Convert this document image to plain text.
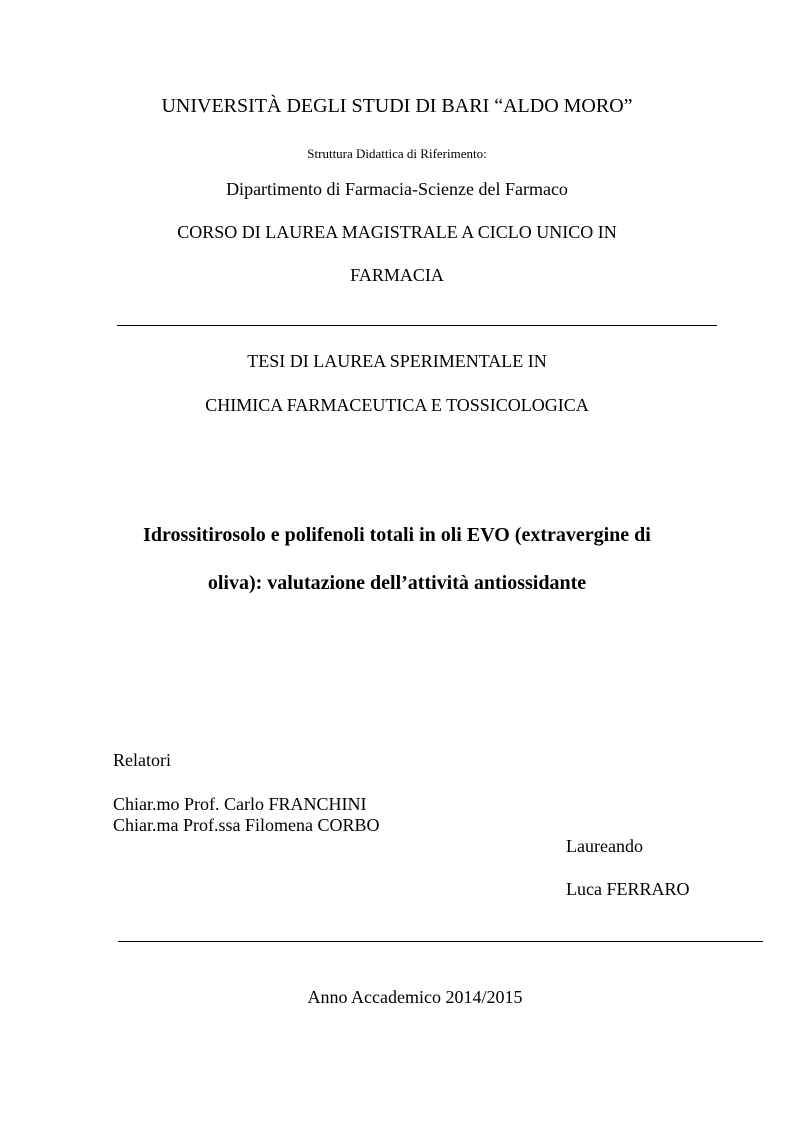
UNIVERSITÀ DEGLI STUDI DI BARI “ALDO MORO”
Struttura Didattica di Riferimento:
Dipartimento di Farmacia-Scienze del Farmaco
CORSO DI LAUREA MAGISTRALE A CICLO UNICO IN
FARMACIA
TESI DI LAUREA SPERIMENTALE IN
CHIMICA FARMACEUTICA E TOSSICOLOGICA
Idrossitirosolo e polifenoli totali in oli EVO (extravergine di
oliva): valutazione dell’attività antiossidante
Relatori
Chiar.mo Prof. Carlo FRANCHINI
Chiar.ma Prof.ssa Filomena CORBO
Laureando
Luca FERRARO
Anno Accademico 2014/2015
